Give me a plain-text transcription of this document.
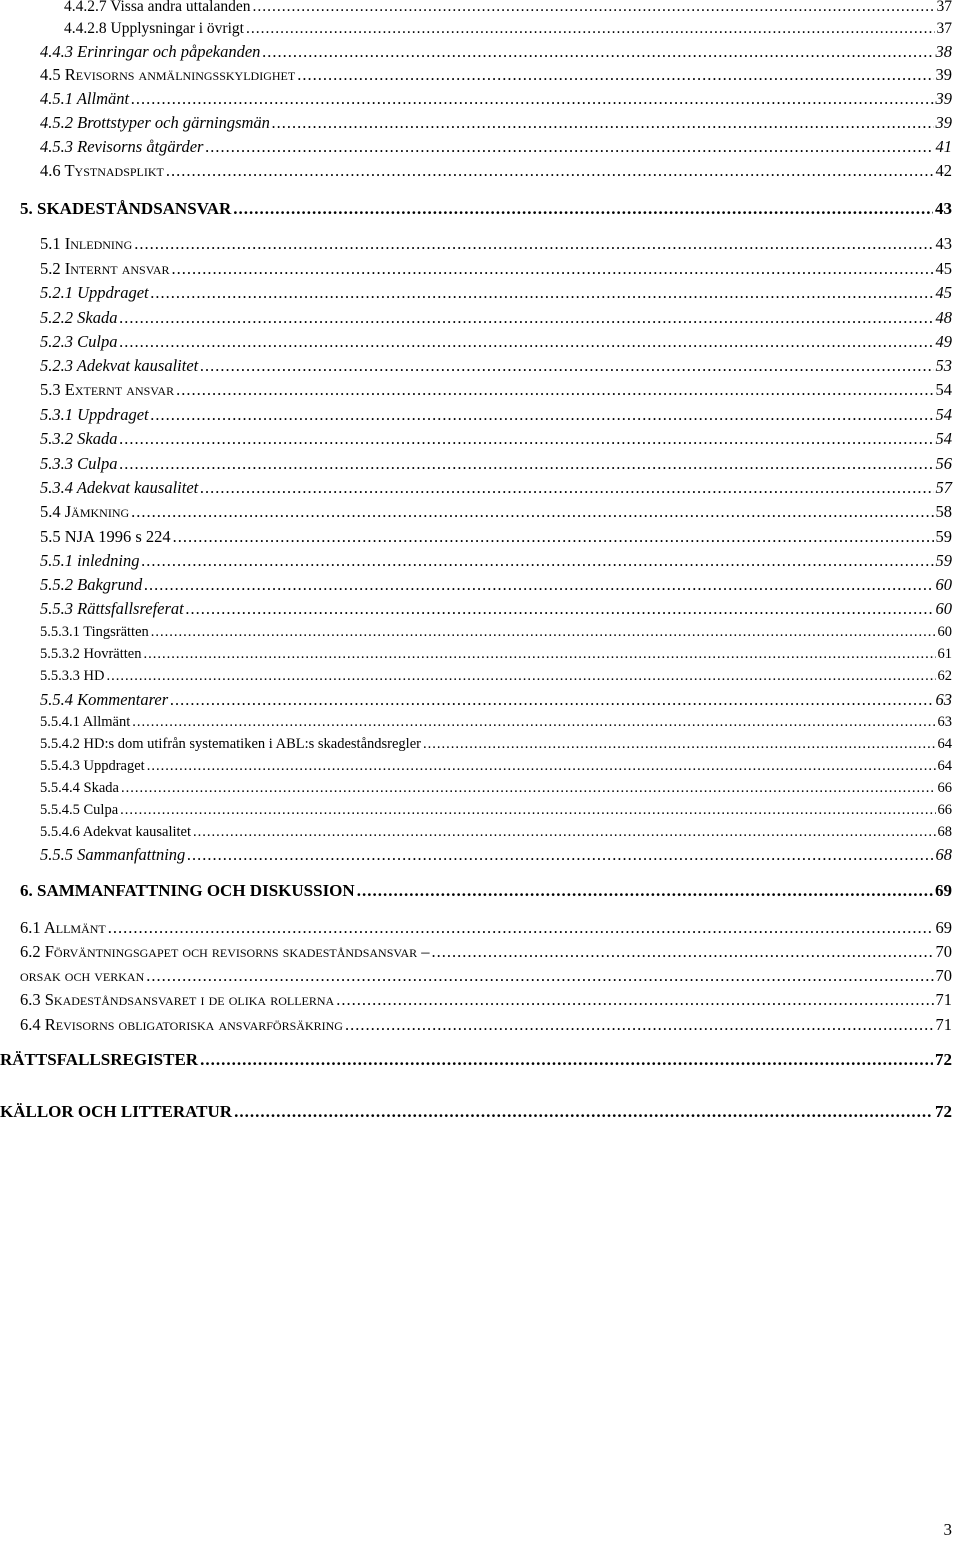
4.4.2.7 Vissa andra uttalanden .....	37
4.4.2.8 Upplysningar i övrigt .....	37
4.4.3 Erinringar och påpekanden .....	38
4.5 Revisorns anmälningsskyldighet .....	39
4.5.1 Allmänt .....	39
4.5.2 Brottstyper och gärningsmän .....	39
4.5.3 Revisorns åtgärder .....	41
4.6 Tystnadsplikt .....	42
5. SKADESTÅNDSANSVAR .....	43
5.1 Inledning .....	43
5.2 Internt ansvar .....	45
5.2.1 Uppdraget .....	45
5.2.2 Skada .....	48
5.2.3 Culpa .....	49
5.2.3 Adekvat kausalitet .....	53
5.3 Externt ansvar .....	54
5.3.1 Uppdraget .....	54
5.3.2 Skada .....	54
5.3.3 Culpa .....	56
5.3.4 Adekvat kausalitet .....	57
5.4 Jämkning .....	58
5.5 NJA 1996 s 224 .....	59
5.5.1 inledning .....	59
5.5.2 Bakgrund .....	60
5.5.3 Rättsfallsreferat .....	60
5.5.3.1 Tingsrätten .....	60
5.5.3.2 Hovrätten .....	61
5.5.3.3 HD .....	62
5.5.4 Kommentarer .....	63
5.5.4.1 Allmänt .....	63
5.5.4.2 HD:s dom utifrån systematiken i ABL:s skadeståndsregler .....	64
5.5.4.3 Uppdraget .....	64
5.5.4.4 Skada .....	66
5.5.4.5 Culpa .....	66
5.5.4.6 Adekvat kausalitet .....	68
5.5.5 Sammanfattning .....	68
6. SAMMANFATTNING OCH DISKUSSION .....	69
6.1 Allmänt .....	69
6.2 Förväntningsgapet och revisorns skadeståndsansvar – .....	70
orsak och verkan .....	70
6.3 Skadeståndsansvaret i de olika rollerna .....	71
6.4 Revisorns obligatoriska ansvarförsäkring .....	71
RÄTTSFALLSREGISTER .....	72
KÄLLOR OCH LITTERATUR .....	72
3
